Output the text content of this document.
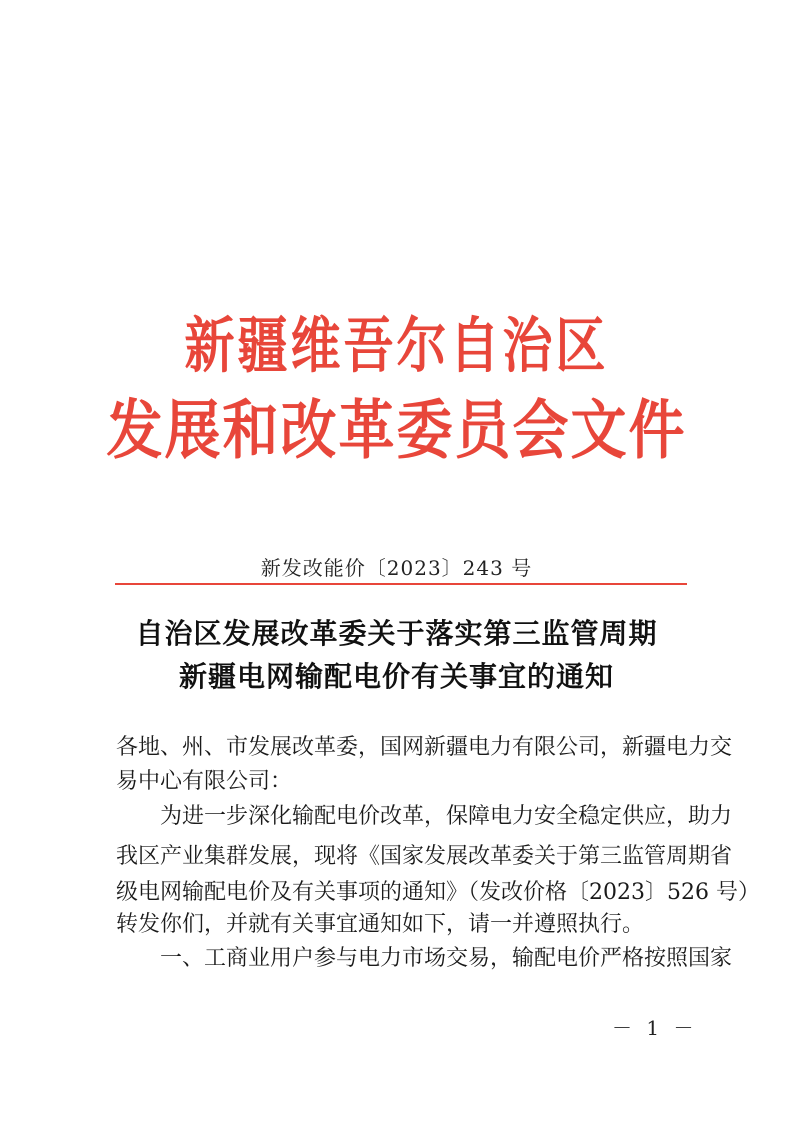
新疆维吾尔自治区
发展和改革委员会文件
新发改能价〔2023〕243 号
自治区发展改革委关于落实第三监管周期
新疆电网输配电价有关事宜的通知
各地、州、市发展改革委，国网新疆电力有限公司，新疆电力交
易中心有限公司：
为进一步深化输配电价改革，保障电力安全稳定供应，助力
我区产业集群发展，现将《国家发展改革委关于第三监管周期省
级电网输配电价及有关事项的通知》（发改价格〔2023〕526 号）
转发你们，并就有关事宜通知如下，请一并遵照执行。
一、工商业用户参与电力市场交易，输配电价严格按照国家
－ 1 －
